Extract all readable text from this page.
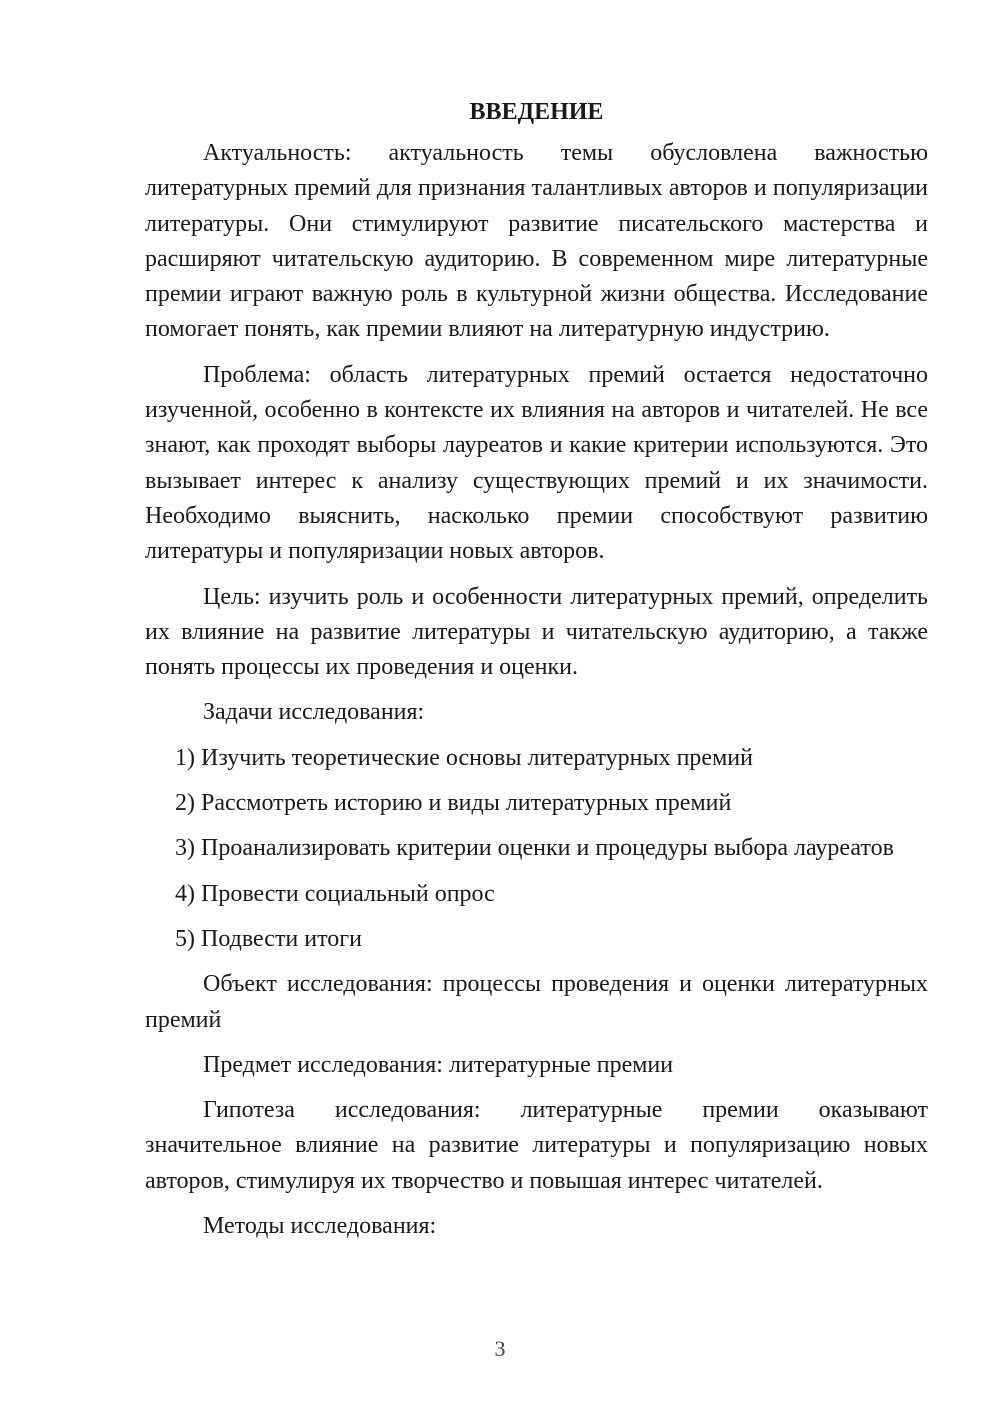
ВВЕДЕНИЕ

Актуальность: актуальность темы обусловлена важностью литературных премий для признания талантливых авторов и популяризации литературы. Они стимулируют развитие писательского мастерства и расширяют читательскую аудиторию. В современном мире литературные премии играют важную роль в культурной жизни общества. Исследование помогает понять, как премии влияют на литературную индустрию.

Проблема: область литературных премий остается недостаточно изученной, особенно в контексте их влияния на авторов и читателей. Не все знают, как проходят выборы лауреатов и какие критерии используются. Это вызывает интерес к анализу существующих премий и их значимости. Необходимо выяснить, насколько премии способствуют развитию литературы и популяризации новых авторов.

Цель: изучить роль и особенности литературных премий, определить их влияние на развитие литературы и читательскую аудиторию, а также понять процессы их проведения и оценки.

Задачи исследования:

1) Изучить теоретические основы литературных премий
2) Рассмотреть историю и виды литературных премий
3) Проанализировать критерии оценки и процедуры выбора лауреатов
4) Провести социальный опрос
5) Подвести итоги

Объект исследования: процессы проведения и оценки литературных премий

Предмет исследования: литературные премии

Гипотеза исследования: литературные премии оказывают значительное влияние на развитие литературы и популяризацию новых авторов, стимулируя их творчество и повышая интерес читателей.

Методы исследования:

3
